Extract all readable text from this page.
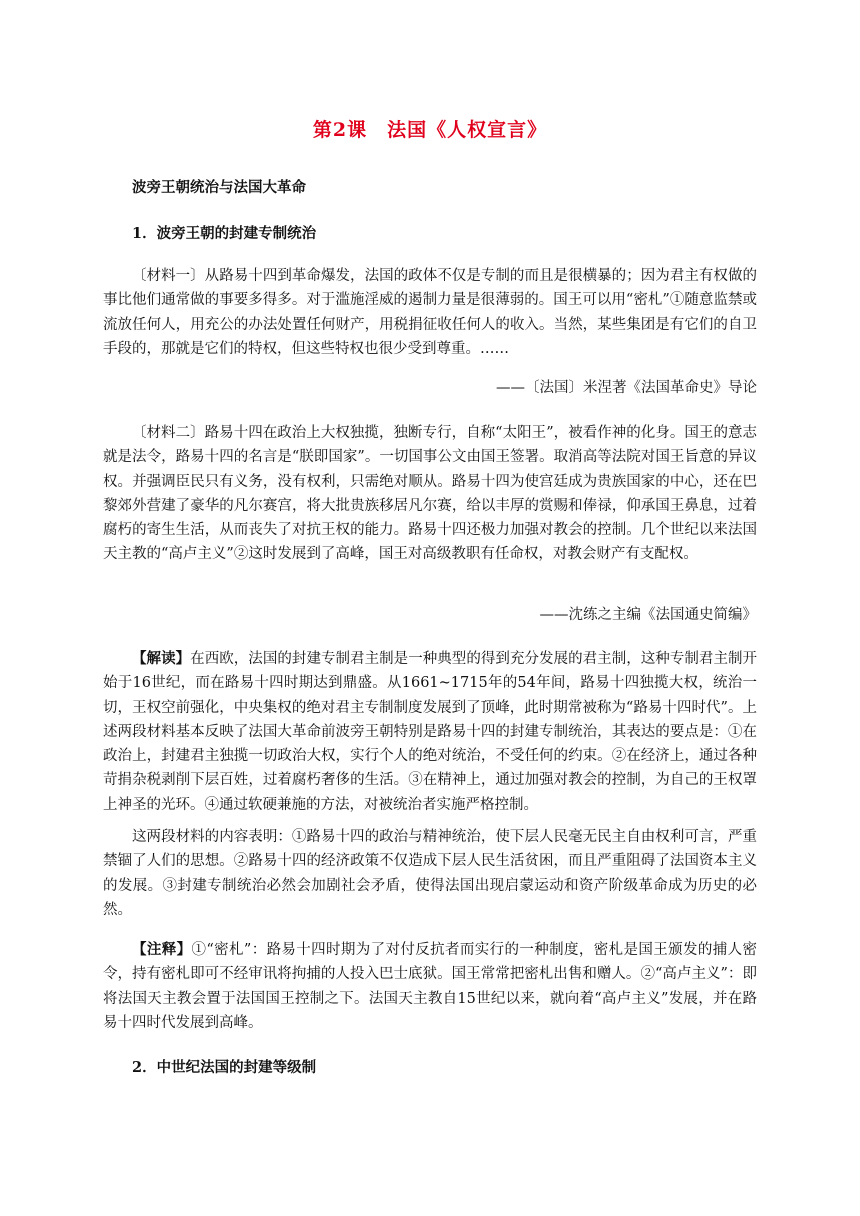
第2课　法国《人权宣言》
波旁王朝统治与法国大革命
1．波旁王朝的封建专制统治

〔材料一〕从路易十四到革命爆发，法国的政体不仅是专制的而且是很横暴的；因为君主有权做的事比他们通常做的事要多得多。对于滥施淫威的遏制力量是很薄弱的。国王可以用“密札”①随意监禁或流放任何人，用充公的办法处置任何财产，用税捐征收任何人的收入。当然，某些集团是有它们的自卫手段的，那就是它们的特权，但这些特权也很少受到尊重。……

——〔法国〕米涅著《法国革命史》导论

〔材料二〕路易十四在政治上大权独揽，独断专行，自称“太阳王”，被看作神的化身。国王的意志就是法令，路易十四的名言是“朕即国家”。一切国事公文由国王签署。取消高等法院对国王旨意的异议权。并强调臣民只有义务，没有权利，只需绝对顺从。路易十四为使宫廷成为贵族国家的中心，还在巴黎郊外营建了豪华的凡尔赛宫，将大批贵族移居凡尔赛，给以丰厚的赏赐和俸禄，仰承国王鼻息，过着腐朽的寄生生活，从而丧失了对抗王权的能力。路易十四还极力加强对教会的控制。几个世纪以来法国天主教的“高卢主义”②这时发展到了高峰，国王对高级教职有任命权，对教会财产有支配权。

——沈练之主编《法国通史简编》

【解读】在西欧，法国的封建专制君主制是一种典型的得到充分发展的君主制，这种专制君主制开始于16世纪，而在路易十四时期达到鼎盛。从1661~1715年的54年间，路易十四独揽大权，统治一切，王权空前强化，中央集权的绝对君主专制制度发展到了顶峰，此时期常被称为“路易十四时代”。上述两段材料基本反映了法国大革命前波旁王朝特别是路易十四的封建专制统治，其表达的要点是：①在政治上，封建君主独揽一切政治大权，实行个人的绝对统治，不受任何的约束。②在经济上，通过各种苛捐杂税剥削下层百姓，过着腐朽奢侈的生活。③在精神上，通过加强对教会的控制，为自己的王权罩上神圣的光环。④通过软硬兼施的方法，对被统治者实施严格控制。

这两段材料的内容表明：①路易十四的政治与精神统治，使下层人民毫无民主自由权利可言，严重禁锢了人们的思想。②路易十四的经济政策不仅造成下层人民生活贫困，而且严重阻碍了法国资本主义的发展。③封建专制统治必然会加剧社会矛盾，使得法国出现启蒙运动和资产阶级革命成为历史的必然。

【注释】①“密札”：路易十四时期为了对付反抗者而实行的一种制度，密札是国王颁发的捕人密令，持有密札即可不经审讯将拘捕的人投入巴士底狱。国王常常把密札出售和赠人。②“高卢主义”：即将法国天主教会置于法国国王控制之下。法国天主教自15世纪以来，就向着“高卢主义”发展，并在路易十四时代发展到高峰。

2．中世纪法国的封建等级制
